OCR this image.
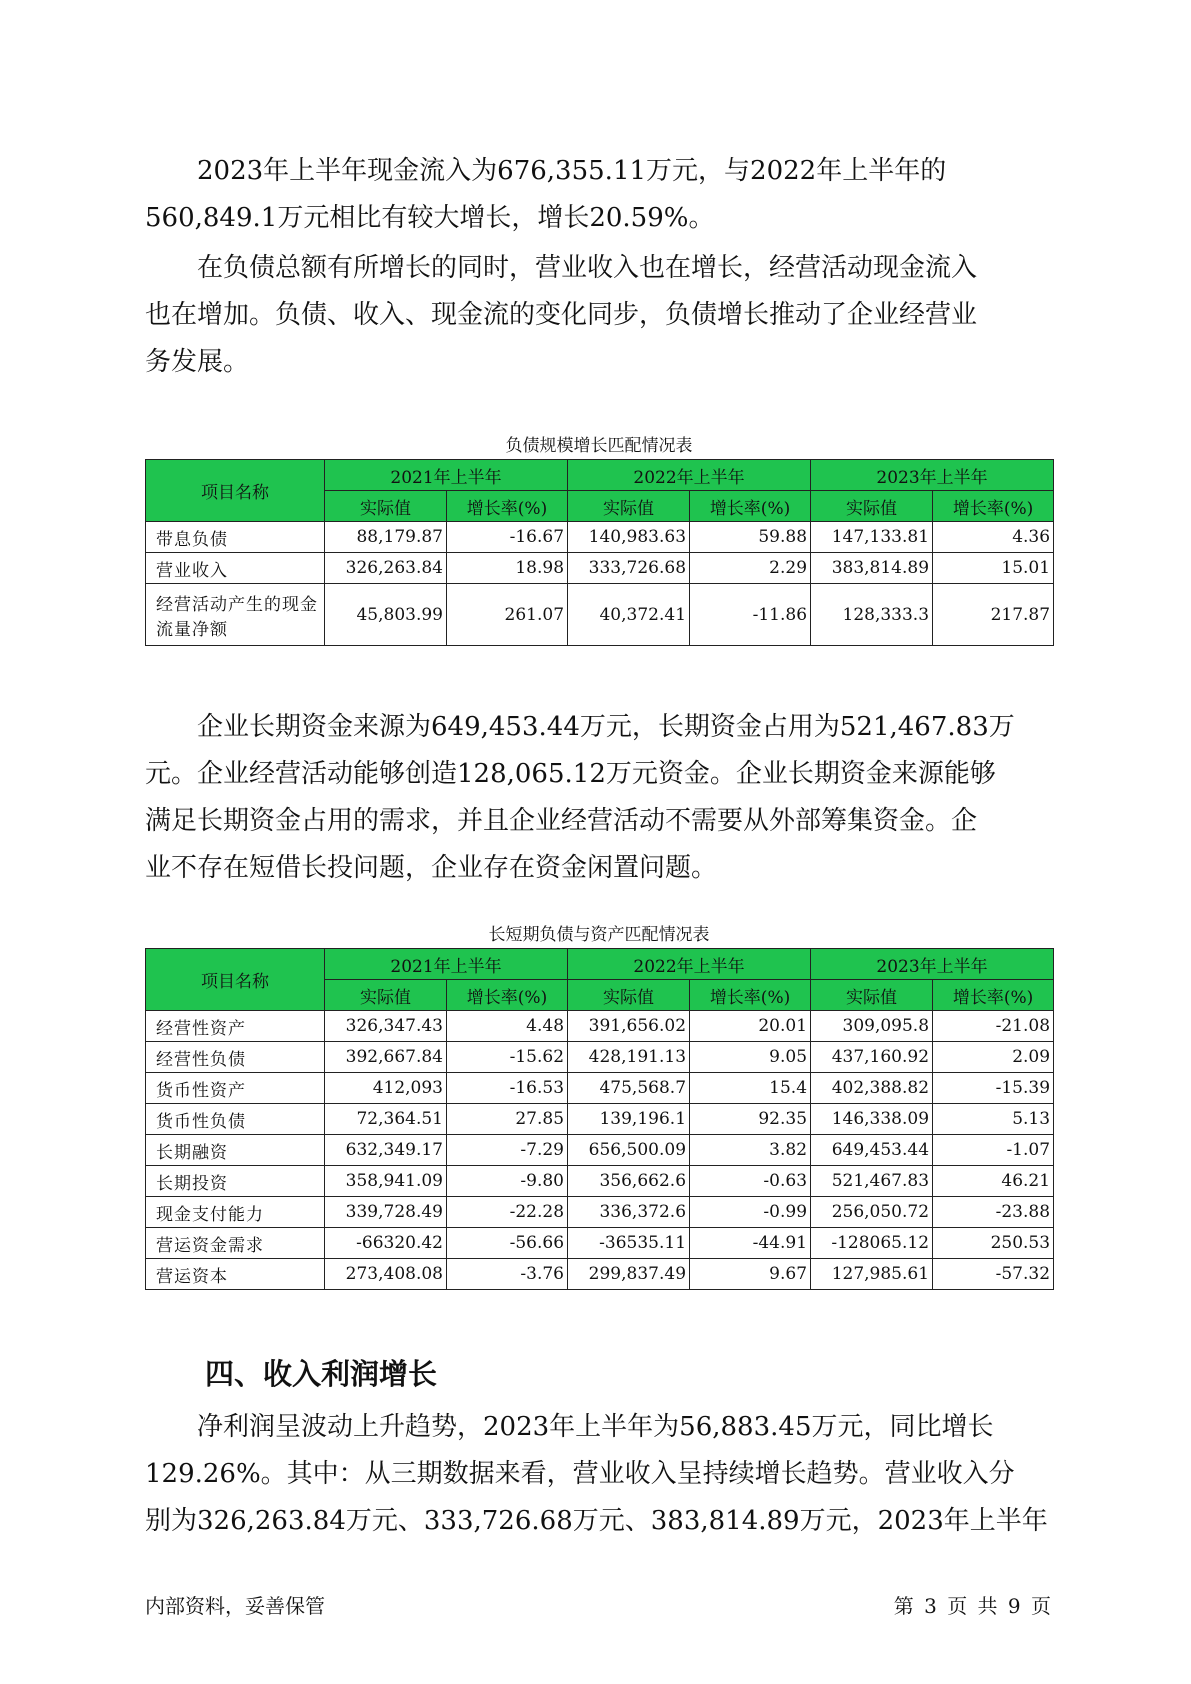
2023年上半年现金流入为676,355.11万元，与2022年上半年的
560,849.1万元相比有较大增长，增长20.59%。
在负债总额有所增长的同时，营业收入也在增长，经营活动现金流入
也在增加。负债、收入、现金流的变化同步，负债增长推动了企业经营业
务发展。
负债规模增长匹配情况表
项目名称	2021年上半年		2022年上半年		2023年上半年	
	实际值	增长率(%)	实际值	增长率(%)	实际值	增长率(%)
带息负债	88,179.87	-16.67	140,983.63	59.88	147,133.81	4.36
营业收入	326,263.84	18.98	333,726.68	2.29	383,814.89	15.01
经营活动产生的现金流量净额	45,803.99	261.07	40,372.41	-11.86	128,333.3	217.87
企业长期资金来源为649,453.44万元，长期资金占用为521,467.83万
元。企业经营活动能够创造128,065.12万元资金。企业长期资金来源能够
满足长期资金占用的需求，并且企业经营活动不需要从外部筹集资金。企
业不存在短借长投问题，企业存在资金闲置问题。
长短期负债与资产匹配情况表
项目名称	2021年上半年		2022年上半年		2023年上半年	
	实际值	增长率(%)	实际值	增长率(%)	实际值	增长率(%)
经营性资产	326,347.43	4.48	391,656.02	20.01	309,095.8	-21.08
经营性负债	392,667.84	-15.62	428,191.13	9.05	437,160.92	2.09
货币性资产	412,093	-16.53	475,568.7	15.4	402,388.82	-15.39
货币性负债	72,364.51	27.85	139,196.1	92.35	146,338.09	5.13
长期融资	632,349.17	-7.29	656,500.09	3.82	649,453.44	-1.07
长期投资	358,941.09	-9.80	356,662.6	-0.63	521,467.83	46.21
现金支付能力	339,728.49	-22.28	336,372.6	-0.99	256,050.72	-23.88
营运资金需求	-66320.42	-56.66	-36535.11	-44.91	-128065.12	250.53
营运资本	273,408.08	-3.76	299,837.49	9.67	127,985.61	-57.32
四、收入利润增长
净利润呈波动上升趋势，2023年上半年为56,883.45万元，同比增长
129.26%。其中：从三期数据来看，营业收入呈持续增长趋势。营业收入分
别为326,263.84万元、333,726.68万元、383,814.89万元，2023年上半年
内部资料，妥善保管	第 3 页 共 9 页
